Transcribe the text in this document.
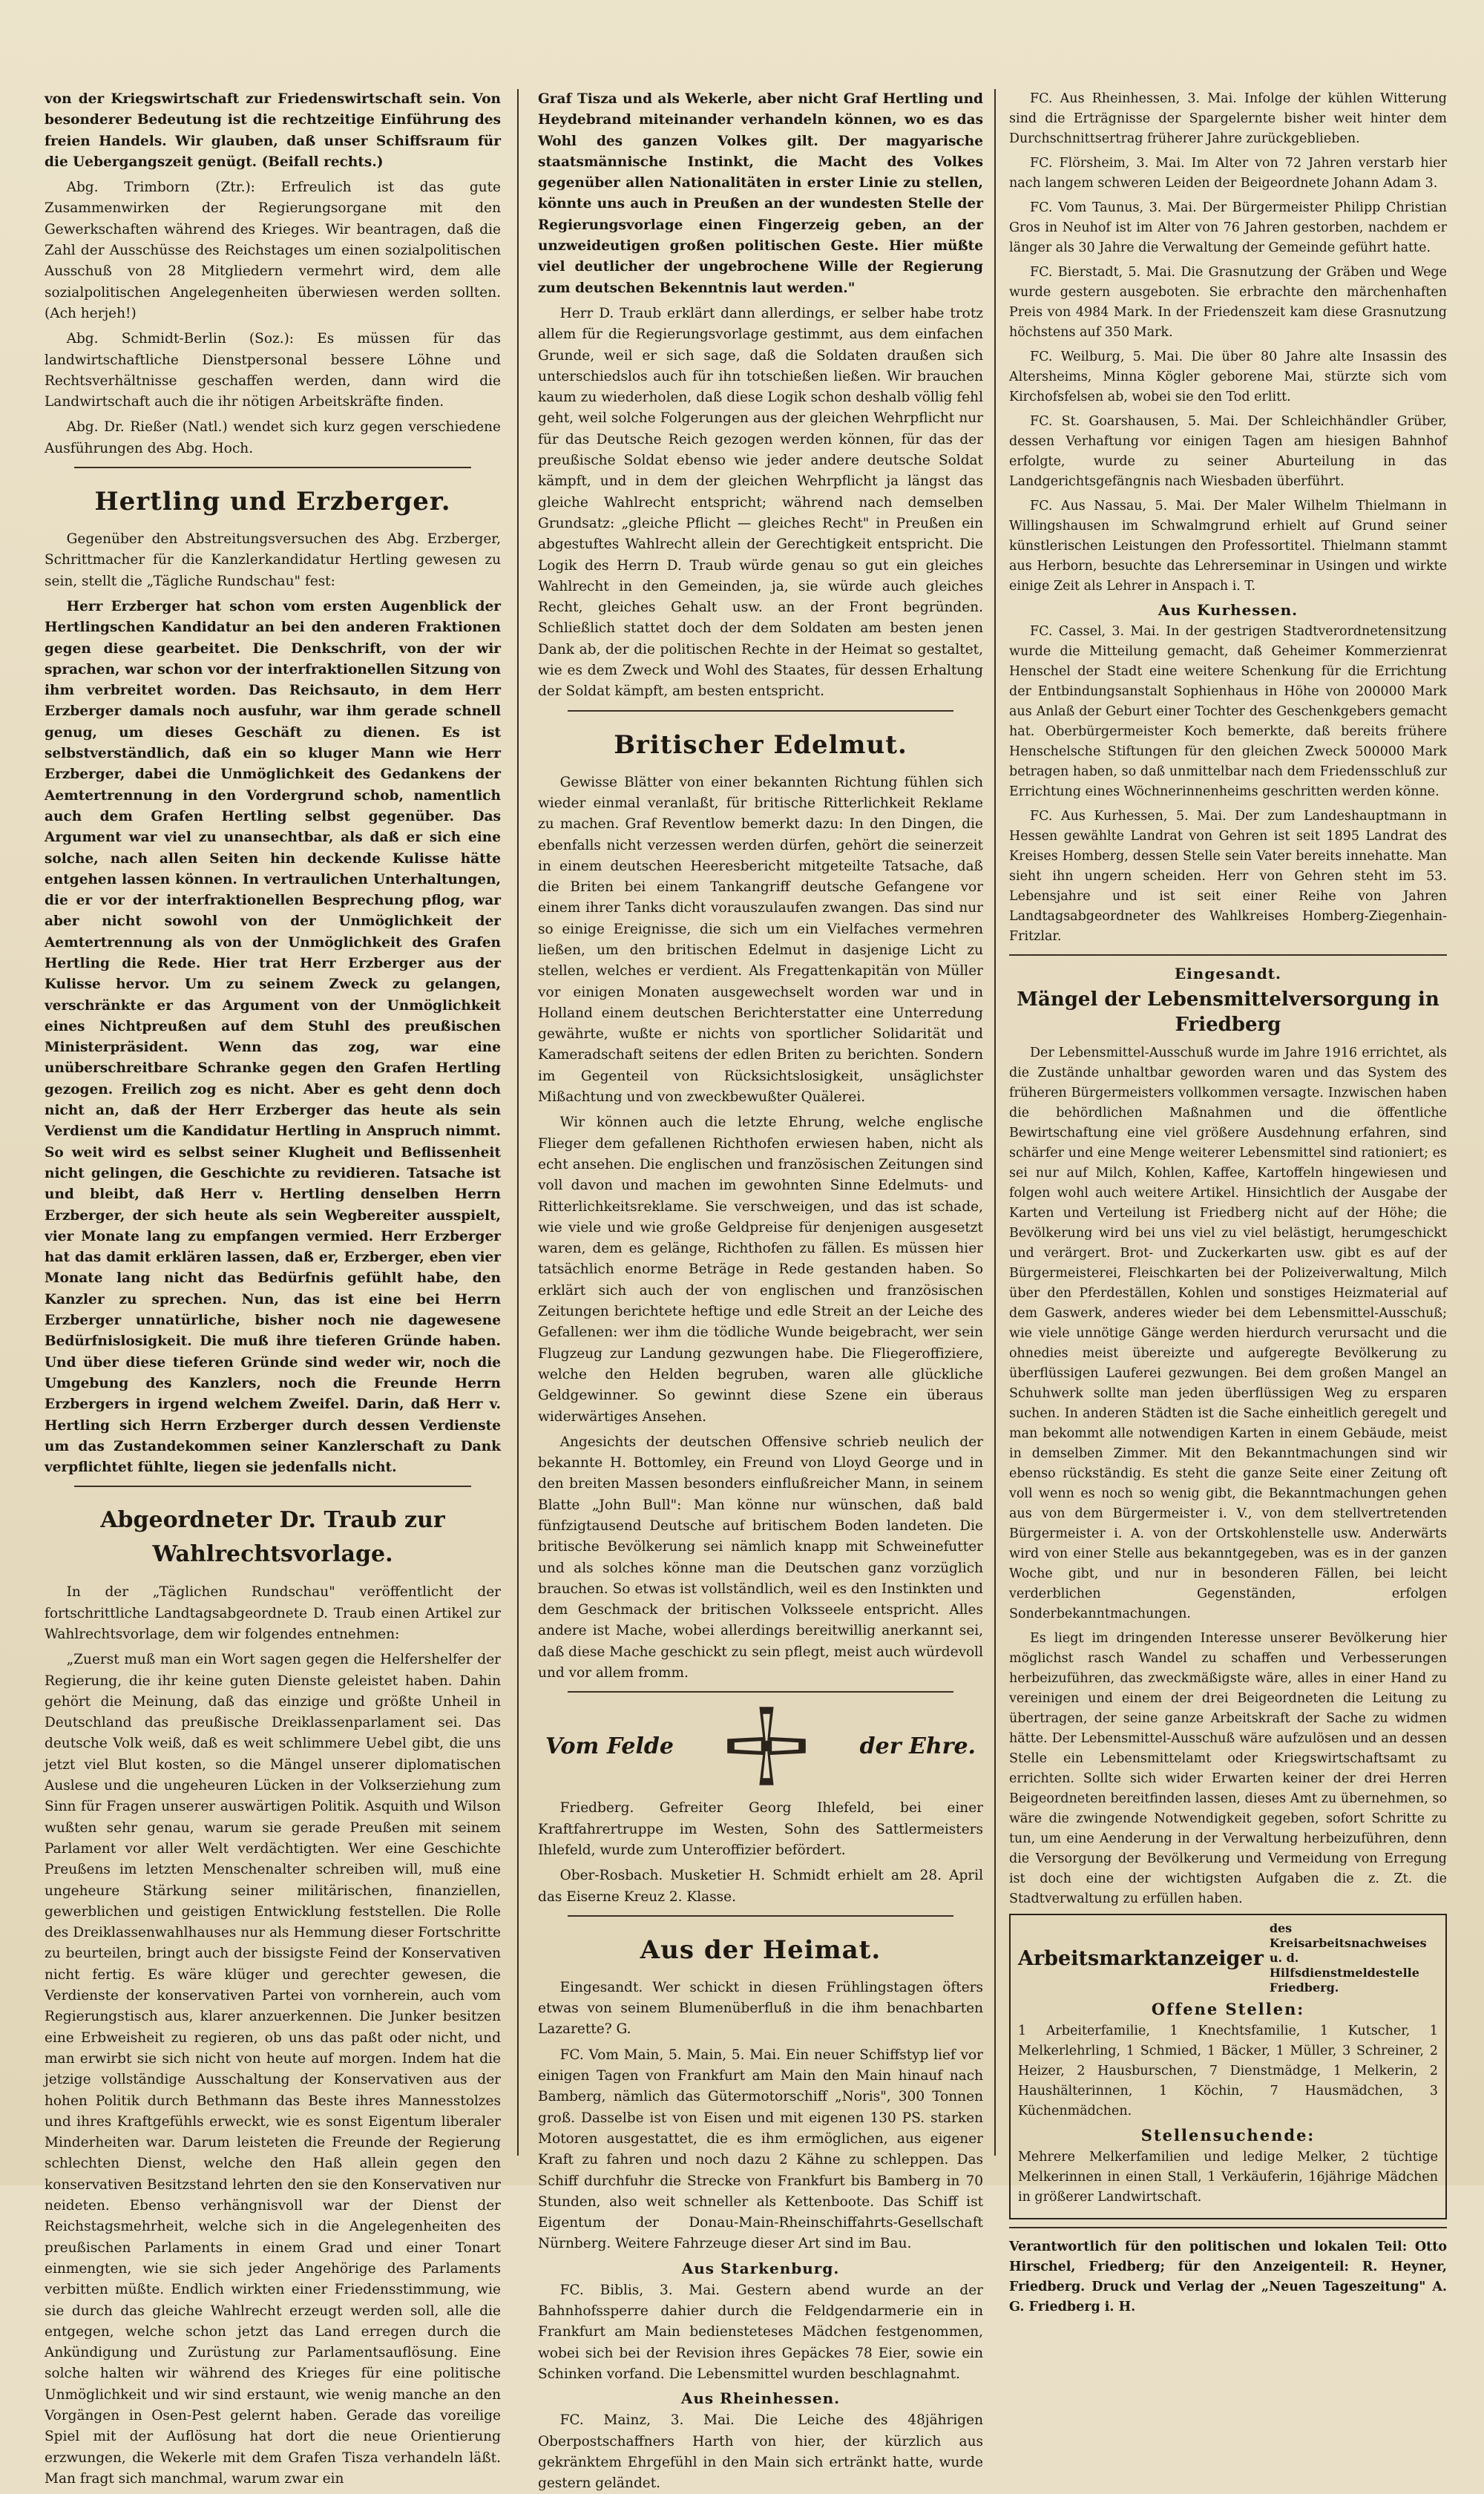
von der Kriegswirtschaft zur Friedenswirtschaft sein. Von besonderer Bedeutung ist die rechtzeitige Einführung des freien Handels. Wir glauben, daß unser Schiffsraum für die Uebergangszeit genügt. (Beifall rechts.)

Abg. Trimborn (Ztr.): Erfreulich ist das gute Zusammenwirken der Regierungsorgane mit den Gewerkschaften während des Krieges. Wir beantragen, daß die Zahl der Ausschüsse des Reichstages um einen sozialpolitischen Ausschuß von 28 Mitgliedern vermehrt wird, dem alle sozialpolitischen Angelegenheiten überwiesen werden sollten. (Ach herjeh!)

Abg. Schmidt-Berlin (Soz.): Es müssen für das landwirtschaftliche Dienstpersonal bessere Löhne und Rechtsverhältnisse geschaffen werden, dann wird die Landwirtschaft auch die ihr nötigen Arbeitskräfte finden.

Abg. Dr. Rießer (Natl.) wendet sich kurz gegen verschiedene Ausführungen des Abg. Hoch.

Hertling und Erzberger.

Gegenüber den Abstreitungsversuchen des Abg. Erzberger, Schrittmacher für die Kanzlerkandidatur Hertling gewesen zu sein, stellt die „Tägliche Rundschau" fest:

Herr Erzberger hat schon vom ersten Augenblick der Hertlingschen Kandidatur an bei den anderen Fraktionen gegen diese gearbeitet. Die Denkschrift, von der wir sprachen, war schon vor der interfraktionellen Sitzung von ihm verbreitet worden. Das Reichsauto, in dem Herr Erzberger damals noch ausfuhr, war ihm gerade schnell genug, um dieses Geschäft zu dienen. Es ist selbstverständlich, daß ein so kluger Mann wie Herr Erzberger, dabei die Unmöglichkeit des Gedankens der Aemtertrennung in den Vordergrund schob, namentlich auch dem Grafen Hertling selbst gegenüber. Das Argument war viel zu unansechtbar, als daß er sich eine solche, nach allen Seiten hin deckende Kulisse hätte entgehen lassen können. In vertraulichen Unterhaltungen, die er vor der interfraktionellen Besprechung pflog, war aber nicht sowohl von der Unmöglichkeit der Aemtertrennung als von der Unmöglichkeit des Grafen Hertling die Rede. Hier trat Herr Erzberger aus der Kulisse hervor. Um zu seinem Zweck zu gelangen, verschränkte er das Argument von der Unmöglichkeit eines Nichtpreußen auf dem Stuhl des preußischen Ministerpräsident. Wenn das zog, war eine unüberschreitbare Schranke gegen den Grafen Hertling gezogen. Freilich zog es nicht. Aber es geht denn doch nicht an, daß der Herr Erzberger das heute als sein Verdienst um die Kandidatur Hertling in Anspruch nimmt. So weit wird es selbst seiner Klugheit und Beflissenheit nicht gelingen, die Geschichte zu revidieren. Tatsache ist und bleibt, daß Herr v. Hertling denselben Herrn Erzberger, der sich heute als sein Wegbereiter ausspielt, vier Monate lang zu empfangen vermied. Herr Erzberger hat das damit erklären lassen, daß er, Erzberger, eben vier Monate lang nicht das Bedürfnis gefühlt habe, den Kanzler zu sprechen. Nun, das ist eine bei Herrn Erzberger unnatürliche, bisher noch nie dagewesene Bedürfnislosigkeit. Die muß ihre tieferen Gründe haben. Und über diese tieferen Gründe sind weder wir, noch die Umgebung des Kanzlers, noch die Freunde Herrn Erzbergers in irgend welchem Zweifel. Darin, daß Herr v. Hertling sich Herrn Erzberger durch dessen Verdienste um das Zustandekommen seiner Kanzlerschaft zu Dank verpflichtet fühlte, liegen sie jedenfalls nicht.

Abgeordneter Dr. Traub zur Wahlrechtsvorlage.

In der „Täglichen Rundschau" veröffentlicht der fortschrittliche Landtagsabgeordnete D. Traub einen Artikel zur Wahlrechtsvorlage, dem wir folgendes entnehmen:

„Zuerst muß man ein Wort sagen gegen die Helfershelfer der Regierung, die ihr keine guten Dienste geleistet haben. Dahin gehört die Meinung, daß das einzige und größte Unheil in Deutschland das preußische Dreiklassenparlament sei. Das deutsche Volk weiß, daß es weit schlimmere Uebel gibt, die uns jetzt viel Blut kosten, so die Mängel unserer diplomatischen Auslese und die ungeheuren Lücken in der Volkserziehung zum Sinn für Fragen unserer auswärtigen Politik. Asquith und Wilson wußten sehr genau, warum sie gerade Preußen mit seinem Parlament vor aller Welt verdächtigten. Wer eine Geschichte Preußens im letzten Menschenalter schreiben will, muß eine ungeheure Stärkung seiner militärischen, finanziellen, gewerblichen und geistigen Entwicklung feststellen. Die Rolle des Dreiklassenwahlhauses nur als Hemmung dieser Fortschritte zu beurteilen, bringt auch der bissigste Feind der Konservativen nicht fertig. Es wäre klüger und gerechter gewesen, die Verdienste der konservativen Partei von vornherein, auch vom Regierungstisch aus, klarer anzuerkennen. Die Junker besitzen eine Erbweisheit zu regieren, ob uns das paßt oder nicht, und man erwirbt sie sich nicht von heute auf morgen. Indem hat die jetzige vollständige Ausschaltung der Konservativen aus der hohen Politik durch Bethmann das Beste ihres Mannesstolzes und ihres Kraftgefühls erweckt, wie es sonst Eigentum liberaler Minderheiten war. Darum leisteten die Freunde der Regierung schlechten Dienst, welche den Haß allein gegen den konservativen Besitzstand lehrten den sie den Konservativen nur neideten. Ebenso verhängnisvoll war der Dienst der Reichstagsmehrheit, welche sich in die Angelegenheiten des preußischen Parlaments in einem Grad und einer Tonart einmengten, wie sie sich jeder Angehörige des Parlaments verbitten müßte. Endlich wirkten einer Friedensstimmung, wie sie durch das gleiche Wahlrecht erzeugt werden soll, alle die entgegen, welche schon jetzt das Land erregen durch die Ankündigung und Zurüstung zur Parlamentsauflösung. Eine solche halten wir während des Krieges für eine politische Unmöglichkeit und wir sind erstaunt, wie wenig manche an den Vorgängen in Osen-Pest gelernt haben. Gerade das voreilige Spiel mit der Auflösung hat dort die neue Orientierung erzwungen, die Wekerle mit dem Grafen Tisza verhandeln läßt. Man fragt sich manchmal, warum zwar ein

Graf Tisza und als Wekerle, aber nicht Graf Hertling und Heydebrand miteinander verhandeln können, wo es das Wohl des ganzen Volkes gilt. Der magyarische staatsmännische Instinkt, die Macht des Volkes gegenüber allen Nationalitäten in erster Linie zu stellen, könnte uns auch in Preußen an der wundesten Stelle der Regierungsvorlage einen Fingerzeig geben, an der unzweideutigen großen politischen Geste. Hier müßte viel deutlicher der ungebrochene Wille der Regierung zum deutschen Bekenntnis laut werden."

Herr D. Traub erklärt dann allerdings, er selber habe trotz allem für die Regierungsvorlage gestimmt, aus dem einfachen Grunde, weil er sich sage, daß die Soldaten draußen sich unterschiedslos auch für ihn totschießen ließen. Wir brauchen kaum zu wiederholen, daß diese Logik schon deshalb völlig fehl geht, weil solche Folgerungen aus der gleichen Wehrpflicht nur für das Deutsche Reich gezogen werden können, für das der preußische Soldat ebenso wie jeder andere deutsche Soldat kämpft, und in dem der gleichen Wehrpflicht ja längst das gleiche Wahlrecht entspricht; während nach demselben Grundsatz: „gleiche Pflicht — gleiches Recht" in Preußen ein abgestuftes Wahlrecht allein der Gerechtigkeit entspricht. Die Logik des Herrn D. Traub würde genau so gut ein gleiches Wahlrecht in den Gemeinden, ja, sie würde auch gleiches Recht, gleiches Gehalt usw. an der Front begründen. Schließlich stattet doch der dem Soldaten am besten jenen Dank ab, der die politischen Rechte in der Heimat so gestaltet, wie es dem Zweck und Wohl des Staates, für dessen Erhaltung der Soldat kämpft, am besten entspricht.

Britischer Edelmut.

Gewisse Blätter von einer bekannten Richtung fühlen sich wieder einmal veranlaßt, für britische Ritterlichkeit Reklame zu machen. Graf Reventlow bemerkt dazu: In den Dingen, die ebenfalls nicht verzessen werden dürfen, gehört die seinerzeit in einem deutschen Heeresbericht mitgeteilte Tatsache, daß die Briten bei einem Tankangriff deutsche Gefangene vor einem ihrer Tanks dicht vorauszulaufen zwangen. Das sind nur so einige Ereignisse, die sich um ein Vielfaches vermehren ließen, um den britischen Edelmut in dasjenige Licht zu stellen, welches er verdient. Als Fregattenkapitän von Müller vor einigen Monaten ausgewechselt worden war und in Holland einem deutschen Berichterstatter eine Unterredung gewährte, wußte er nichts von sportlicher Solidarität und Kameradschaft seitens der edlen Briten zu berichten. Sondern im Gegenteil von Rücksichtslosigkeit, unsäglichster Mißachtung und von zweckbewußter Quälerei.

Wir können auch die letzte Ehrung, welche englische Flieger dem gefallenen Richthofen erwiesen haben, nicht als echt ansehen. Die englischen und französischen Zeitungen sind voll davon und machen im gewohnten Sinne Edelmuts- und Ritterlichkeitsreklame. Sie verschweigen, und das ist schade, wie viele und wie große Geldpreise für denjenigen ausgesetzt waren, dem es gelänge, Richthofen zu fällen. Es müssen hier tatsächlich enorme Beträge in Rede gestanden haben. So erklärt sich auch der von englischen und französischen Zeitungen berichtete heftige und edle Streit an der Leiche des Gefallenen: wer ihm die tödliche Wunde beigebracht, wer sein Flugzeug zur Landung gezwungen habe. Die Fliegeroffiziere, welche den Helden begruben, waren alle glückliche Geldgewinner. So gewinnt diese Szene ein überaus widerwärtiges Ansehen.

Angesichts der deutschen Offensive schrieb neulich der bekannte H. Bottomley, ein Freund von Lloyd George und in den breiten Massen besonders einflußreicher Mann, in seinem Blatte „John Bull": Man könne nur wünschen, daß bald fünfzigtausend Deutsche auf britischem Boden landeten. Die britische Bevölkerung sei nämlich knapp mit Schweinefutter und als solches könne man die Deutschen ganz vorzüglich brauchen. So etwas ist vollständlich, weil es den Instinkten und dem Geschmack der britischen Volksseele entspricht. Alles andere ist Mache, wobei allerdings bereitwillig anerkannt sei, daß diese Mache geschickt zu sein pflegt, meist auch würdevoll und vor allem fromm.

Vom Felde	der Ehre.

Friedberg. Gefreiter Georg Ihlefeld, bei einer Kraftfahrertruppe im Westen, Sohn des Sattlermeisters Ihlefeld, wurde zum Unteroffizier befördert.

Ober-Rosbach. Musketier H. Schmidt erhielt am 28. April das Eiserne Kreuz 2. Klasse.

Aus der Heimat.

Eingesandt. Wer schickt in diesen Frühlingstagen öfters etwas von seinem Blumenüberfluß in die ihm benachbarten Lazarette? G.

FC. Vom Main, 5. Main, 5. Mai. Ein neuer Schiffstyp lief vor einigen Tagen von Frankfurt am Main den Main hinauf nach Bamberg, nämlich das Gütermotorschiff „Noris", 300 Tonnen groß. Dasselbe ist von Eisen und mit eigenen 130 PS. starken Motoren ausgestattet, die es ihm ermöglichen, aus eigener Kraft zu fahren und noch dazu 2 Kähne zu schleppen. Das Schiff durchfuhr die Strecke von Frankfurt bis Bamberg in 70 Stunden, also weit schneller als Kettenboote. Das Schiff ist Eigentum der Donau-Main-Rheinschiffahrts-Gesellschaft Nürnberg. Weitere Fahrzeuge dieser Art sind im Bau.

Aus Starkenburg.

FC. Biblis, 3. Mai. Gestern abend wurde an der Bahnhofssperre dahier durch die Feldgendarmerie ein in Frankfurt am Main bediensteteses Mädchen festgenommen, wobei sich bei der Revision ihres Gepäckes 78 Eier, sowie ein Schinken vorfand. Die Lebensmittel wurden beschlagnahmt.

Aus Rheinhessen.

FC. Mainz, 3. Mai. Die Leiche des 48jährigen Oberpostschaffners Harth von hier, der kürzlich aus gekränktem Ehrgefühl in den Main sich ertränkt hatte, wurde gestern geländet.

FC. Aus Rheinhessen, 3. Mai. Infolge der kühlen Witterung sind die Erträgnisse der Spargelernte bisher weit hinter dem Durchschnittsertrag früherer Jahre zurückgeblieben.

FC. Flörsheim, 3. Mai. Im Alter von 72 Jahren verstarb hier nach langem schweren Leiden der Beigeordnete Johann Adam 3.

FC. Vom Taunus, 3. Mai. Der Bürgermeister Philipp Christian Gros in Neuhof ist im Alter von 76 Jahren gestorben, nachdem er länger als 30 Jahre die Verwaltung der Gemeinde geführt hatte.

FC. Bierstadt, 5. Mai. Die Grasnutzung der Gräben und Wege wurde gestern ausgeboten. Sie erbrachte den märchenhaften Preis von 4984 Mark. In der Friedenszeit kam diese Grasnutzung höchstens auf 350 Mark.

FC. Weilburg, 5. Mai. Die über 80 Jahre alte Insassin des Altersheims, Minna Kögler geborene Mai, stürzte sich vom Kirchofsfelsen ab, wobei sie den Tod erlitt.

FC. St. Goarshausen, 5. Mai. Der Schleichhändler Grüber, dessen Verhaftung vor einigen Tagen am hiesigen Bahnhof erfolgte, wurde zu seiner Aburteilung in das Landgerichtsgefängnis nach Wiesbaden überführt.

FC. Aus Nassau, 5. Mai. Der Maler Wilhelm Thielmann in Willingshausen im Schwalmgrund erhielt auf Grund seiner künstlerischen Leistungen den Professortitel. Thielmann stammt aus Herborn, besuchte das Lehrerseminar in Usingen und wirkte einige Zeit als Lehrer in Anspach i. T.

Aus Kurhessen.

FC. Cassel, 3. Mai. In der gestrigen Stadtverordnetensitzung wurde die Mitteilung gemacht, daß Geheimer Kommerzienrat Henschel der Stadt eine weitere Schenkung für die Errichtung der Entbindungsanstalt Sophienhaus in Höhe von 200000 Mark aus Anlaß der Geburt einer Tochter des Geschenkgebers gemacht hat. Oberbürgermeister Koch bemerkte, daß bereits frühere Henschelsche Stiftungen für den gleichen Zweck 500000 Mark betragen haben, so daß unmittelbar nach dem Friedensschluß zur Errichtung eines Wöchnerinnenheims geschritten werden könne.

FC. Aus Kurhessen, 5. Mai. Der zum Landeshauptmann in Hessen gewählte Landrat von Gehren ist seit 1895 Landrat des Kreises Homberg, dessen Stelle sein Vater bereits innehatte. Man sieht ihn ungern scheiden. Herr von Gehren steht im 53. Lebensjahre und ist seit einer Reihe von Jahren Landtagsabgeordneter des Wahlkreises Homberg-Ziegenhain-Fritzlar.

Eingesandt.
Mängel der Lebensmittelversorgung in Friedberg

Der Lebensmittel-Ausschuß wurde im Jahre 1916 errichtet, als die Zustände unhaltbar geworden waren und das System des früheren Bürgermeisters vollkommen versagte. Inzwischen haben die behördlichen Maßnahmen und die öffentliche Bewirtschaftung eine viel größere Ausdehnung erfahren, sind schärfer und eine Menge weiterer Lebensmittel sind rationiert; es sei nur auf Milch, Kohlen, Kaffee, Kartoffeln hingewiesen und folgen wohl auch weitere Artikel. Hinsichtlich der Ausgabe der Karten und Verteilung ist Friedberg nicht auf der Höhe; die Bevölkerung wird bei uns viel zu viel belästigt, herumgeschickt und verärgert. Brot- und Zuckerkarten usw. gibt es auf der Bürgermeisterei, Fleischkarten bei der Polizeiverwaltung, Milch über den Pferdeställen, Kohlen und sonstiges Heizmaterial auf dem Gaswerk, anderes wieder bei dem Lebensmittel-Ausschuß; wie viele unnötige Gänge werden hierdurch verursacht und die ohnedies meist übereizte und aufgeregte Bevölkerung zu überflüssigen Lauferei gezwungen. Bei dem großen Mangel an Schuhwerk sollte man jeden überflüssigen Weg zu ersparen suchen. In anderen Städten ist die Sache einheitlich geregelt und man bekommt alle notwendigen Karten in einem Gebäude, meist in demselben Zimmer. Mit den Bekanntmachungen sind wir ebenso rückständig. Es steht die ganze Seite einer Zeitung oft voll wenn es noch so wenig gibt, die Bekanntmachungen gehen aus von dem Bürgermeister i. V., von dem stellvertretenden Bürgermeister i. A. von der Ortskohlenstelle usw. Anderwärts wird von einer Stelle aus bekanntgegeben, was es in der ganzen Woche gibt, und nur in besonderen Fällen, bei leicht verderblichen Gegenständen, erfolgen Sonderbekanntmachungen.

Es liegt im dringenden Interesse unserer Bevölkerung hier möglichst rasch Wandel zu schaffen und Verbesserungen herbeizuführen, das zweckmäßigste wäre, alles in einer Hand zu vereinigen und einem der drei Beigeordneten die Leitung zu übertragen, der seine ganze Arbeitskraft der Sache zu widmen hätte. Der Lebensmittel-Ausschuß wäre aufzulösen und an dessen Stelle ein Lebensmittelamt oder Kriegswirtschaftsamt zu errichten. Sollte sich wider Erwarten keiner der drei Herren Beigeordneten bereitfinden lassen, dieses Amt zu übernehmen, so wäre die zwingende Notwendigkeit gegeben, sofort Schritte zu tun, um eine Aenderung in der Verwaltung herbeizuführen, denn die Versorgung der Bevölkerung und Vermeidung von Erregung ist doch eine der wichtigsten Aufgaben die z. Zt. die Stadtverwaltung zu erfüllen haben.

Arbeitsmarktanzeiger
des Kreisarbeitsnachweises u. d. Hilfsdienstmeldestelle Friedberg.
Offene Stellen:

1 Arbeiterfamilie, 1 Knechtsfamilie, 1 Kutscher, 1 Melkerlehrling, 1 Schmied, 1 Bäcker, 1 Müller, 3 Schreiner, 2 Heizer, 2 Hausburschen, 7 Dienstmädge, 1 Melkerin, 2 Haushälterinnen, 1 Köchin, 7 Hausmädchen, 3 Küchenmädchen.

Stellensuchende:

Mehrere Melkerfamilien und ledige Melker, 2 tüchtige Melkerinnen in einen Stall, 1 Verkäuferin, 16jährige Mädchen in größerer Landwirtschaft.

Verantwortlich für den politischen und lokalen Teil: Otto Hirschel, Friedberg; für den Anzeigenteil: R. Heyner, Friedberg. Druck und Verlag der „Neuen Tageszeitung" A. G. Friedberg i. H.
